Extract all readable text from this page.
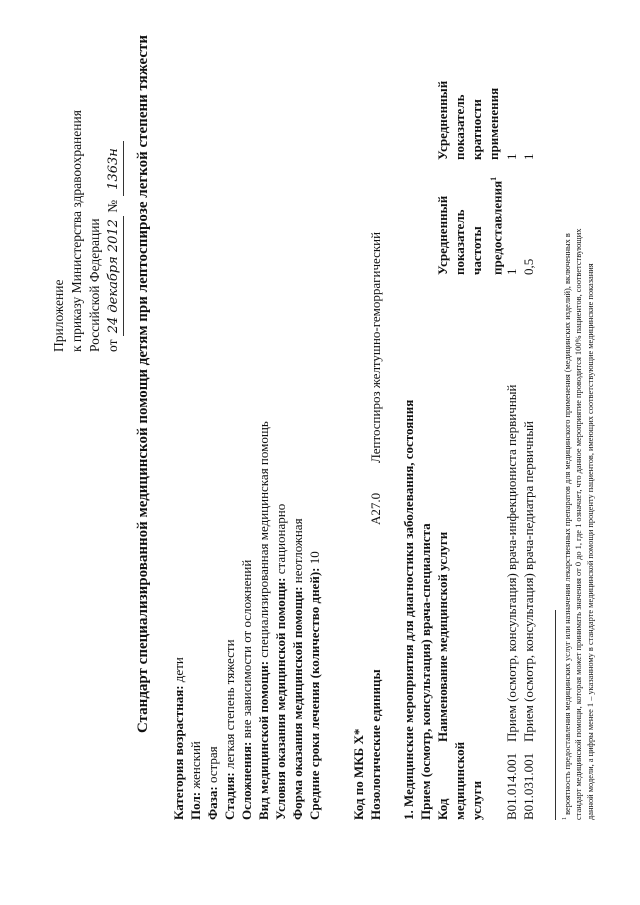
Приложение к приказу Министерства здравоохранения Российской Федерации от 24 декабря 2012 № 1363н Стандарт специализированной медицинской помощи детям при лептоспирозе легкой степени тяжести
Категория возрастная: дети
Пол: женский
Фаза: острая
Стадия: легкая степень тяжести
Осложнения: вне зависимости от осложнений Вид медицинской помощи: специализированная медицинская помощь
Условия оказания медицинской помощи: стационарно
Форма оказания медицинской помощи: неотложная
Средние сроки лечения (количество дней): 10
Код по МКБ X* Нозологические единицы
A27.0
Лептоспироз желтушно-геморрагический
1. Медицинские мероприятия для диагностики заболевания, состояния Прием (осмотр, консультация) врача-специалиста Код медицинской услуги
Наименование медицинской услуги
Усредненный показатель частоты предоставления$^1$
Усредненный показатель кратности применения
B01.014.001
Прием (осмотр, консультация) врача-инфекциониста первичный
1
1
B01.031.001
Прием (осмотр, консультация) врача-педиатра первичный
0,5
1
$^1$ вероятность предоставления медицинских услуг или назначения лекарственных препаратов для медицинского применения (медицинских изделий), включенных в стандарт медицинской помощи, которая может принимать значения от 0 до 1, где 1 означает, что данное мероприятие проводится 100% пациентов, соответствующих данной модели, а цифры менее 1 – указанному в стандарте медицинской помощи проценту пациентов, имеющих соответствующие медицинские показания
